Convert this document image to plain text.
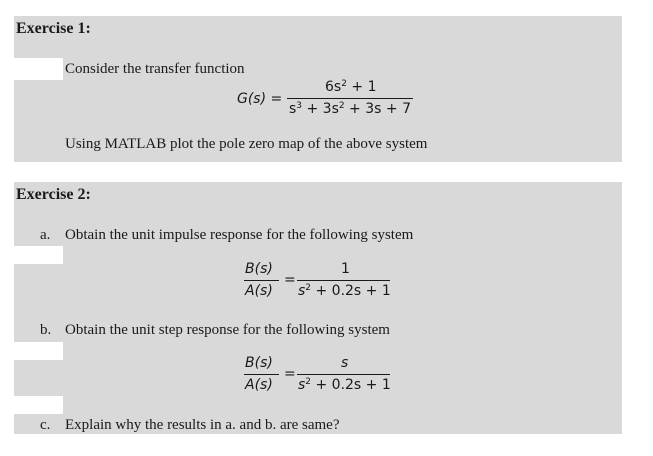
Exercise 1:
Consider the transfer function
G(s) =
$6s^2 + 1$
$s^3 + 3s^2 + 3s + 7$
Using MATLAB plot the pole zero map of the above system
Exercise 2:
a. Obtain the unit impulse response for the following system
B(s)
A(s)
=
1
$s^2 + 0.2s + 1$
b. Obtain the unit step response for the following system
B(s)
A(s)
=
s
$s^2 + 0.2s + 1$
c. Explain why the results in a. and b. are same?
